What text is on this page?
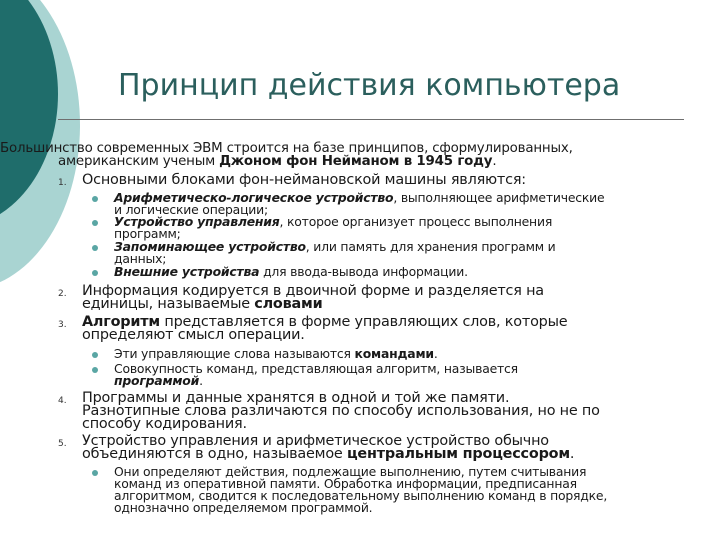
Принцип действия компьютера
Большинство современных ЭВМ строится на базе принципов, сформулированных,
американским ученым Джоном фон Нейманом в 1945 году.
1. Основными блоками фон-неймановской машины являются:
Арифметическо-логическое устройство, выполняющее арифметические
и логические операции;
Устройство управления, которое организует процесс выполнения
программ;
Запоминающее устройство, или память для хранения программ и
данных;
Внешние устройства для ввода-вывода информации.
2. Информация кодируется в двоичной форме и разделяется на
единицы, называемые словами
3. Алгоритм представляется в форме управляющих слов, которые
определяют смысл операции.
Эти управляющие слова называются командами.
Совокупность команд, представляющая алгоритм, называется
программой.
4. Программы и данные хранятся в одной и той же памяти.
Разнотипные слова различаются по способу использования, но не по
способу кодирования.
5. Устройство управления и арифметическое устройство обычно
объединяются в одно, называемое центральным процессором.
Они определяют действия, подлежащие выполнению, путем считывания
команд из оперативной памяти. Обработка информации, предписанная
алгоритмом, сводится к последовательному выполнению команд в порядке,
однозначно определяемом программой.
